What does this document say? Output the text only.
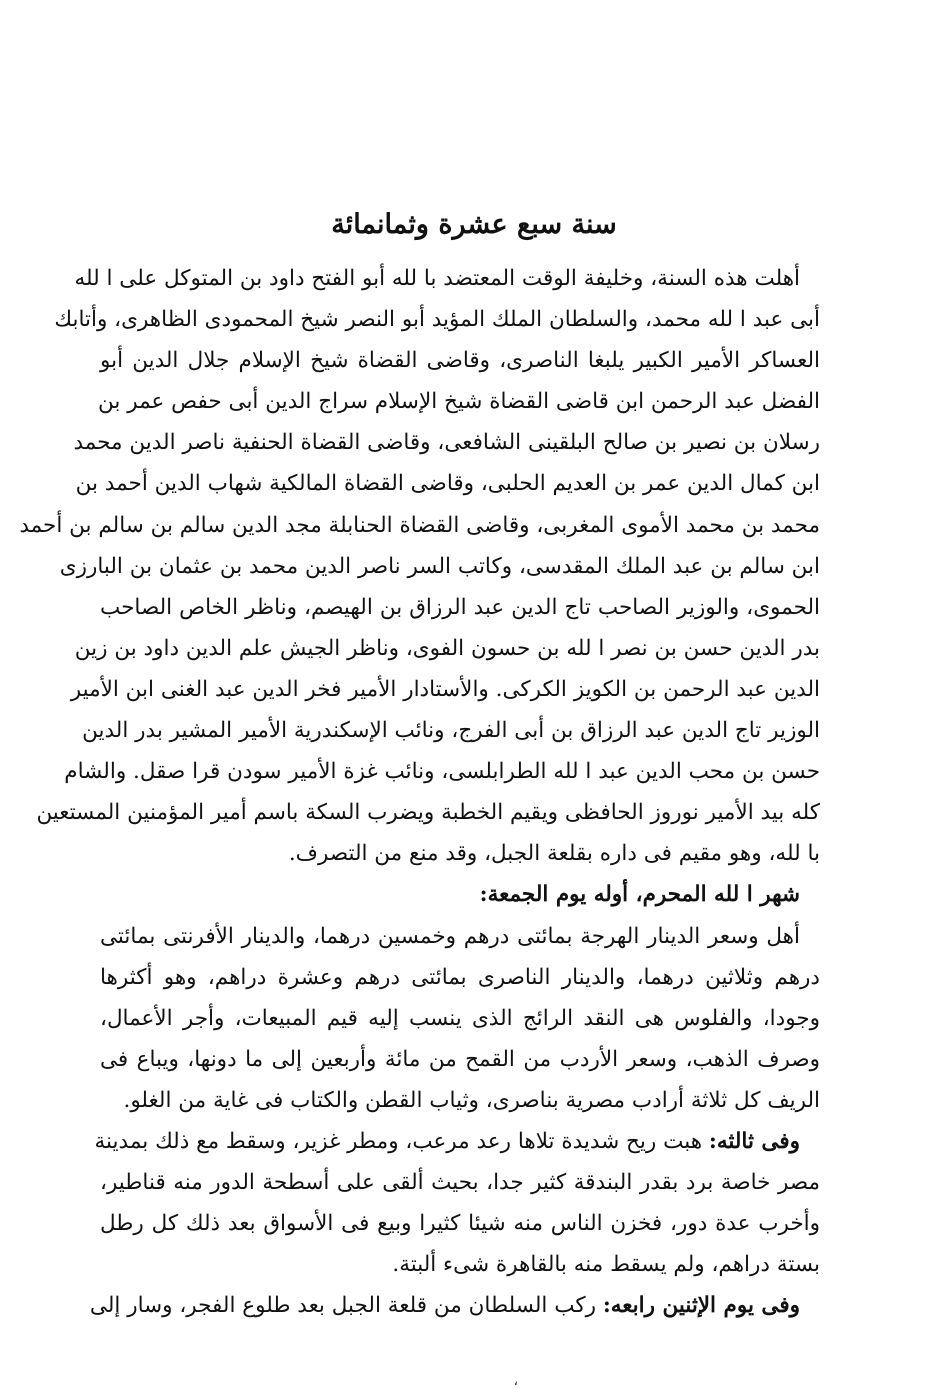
سنة سبع عشرة وثمانمائة

أهلت هذه السنة، وخليفة الوقت المعتضد با لله أبو الفتح داود بن المتوكل على ا لله
أبى عبد ا لله محمد، والسلطان الملك المؤيد أبو النصر شيخ المحمودى الظاهرى، وأتابك
العساكر الأمير الكبير يلبغا الناصرى، وقاضى القضاة شيخ الإسلام جلال الدين أبو
الفضل عبد الرحمن ابن قاضى القضاة شيخ الإسلام سراج الدين أبى حفص عمر بن
رسلان بن نصير بن صالح البلقينى الشافعى، وقاضى القضاة الحنفية ناصر الدين محمد
ابن كمال الدين عمر بن العديم الحلبى، وقاضى القضاة المالكية شهاب الدين أحمد بن
محمد بن محمد الأموى المغربى، وقاضى القضاة الحنابلة مجد الدين سالم بن سالم بن أحمد
ابن سالم بن عبد الملك المقدسى، وكاتب السر ناصر الدين محمد بن عثمان بن البارزى
الحموى، والوزير الصاحب تاج الدين عبد الرزاق بن الهيصم، وناظر الخاص الصاحب
بدر الدين حسن بن نصر ا لله بن حسون الفوى، وناظر الجيش علم الدين داود بن زين
الدين عبد الرحمن بن الكويز الكركى. والأستادار الأمير فخر الدين عبد الغنى ابن الأمير
الوزير تاج الدين عبد الرزاق بن أبى الفرج، ونائب الإسكندرية الأمير المشير بدر الدين
حسن بن محب الدين عبد ا لله الطرابلسى، ونائب غزة الأمير سودن قرا صقل. والشام
كله بيد الأمير نوروز الحافظى ويقيم الخطبة ويضرب السكة باسم أمير المؤمنين المستعين
با لله، وهو مقيم فى داره بقلعة الجبل، وقد منع من التصرف.

شهر ا لله المحرم، أوله يوم الجمعة:

أهل وسعر الدينار الهرجة بمائتى درهم وخمسين درهما، والدينار الأفرنتى بمائتى
درهم وثلاثين درهما، والدينار الناصرى بمائتى درهم وعشرة دراهم، وهو أكثرها
وجودا، والفلوس هى النقد الرائج الذى ينسب إليه قيم المبيعات، وأجر الأعمال،
وصرف الذهب، وسعر الأردب من القمح من مائة وأربعين إلى ما دونها، ويباع فى
الريف كل ثلاثة أرادب مصرية بناصرى، وثياب القطن والكتاب فى غاية من الغلو.

وفى ثالثه: هبت ريح شديدة تلاها رعد مرعب، ومطر غزير، وسقط مع ذلك بمدينة
مصر خاصة برد بقدر البندقة كثير جدا، بحيث ألقى على أسطحة الدور منه قناطير،
وأخرب عدة دور، فخزن الناس منه شيئا كثيرا وبيع فى الأسواق بعد ذلك كل رطل
بستة دراهم، ولم يسقط منه بالقاهرة شىء ألبتة.

وفى يوم الإثنين رابعه: ركب السلطان من قلعة الجبل بعد طلوع الفجر، وسار إلى

،
